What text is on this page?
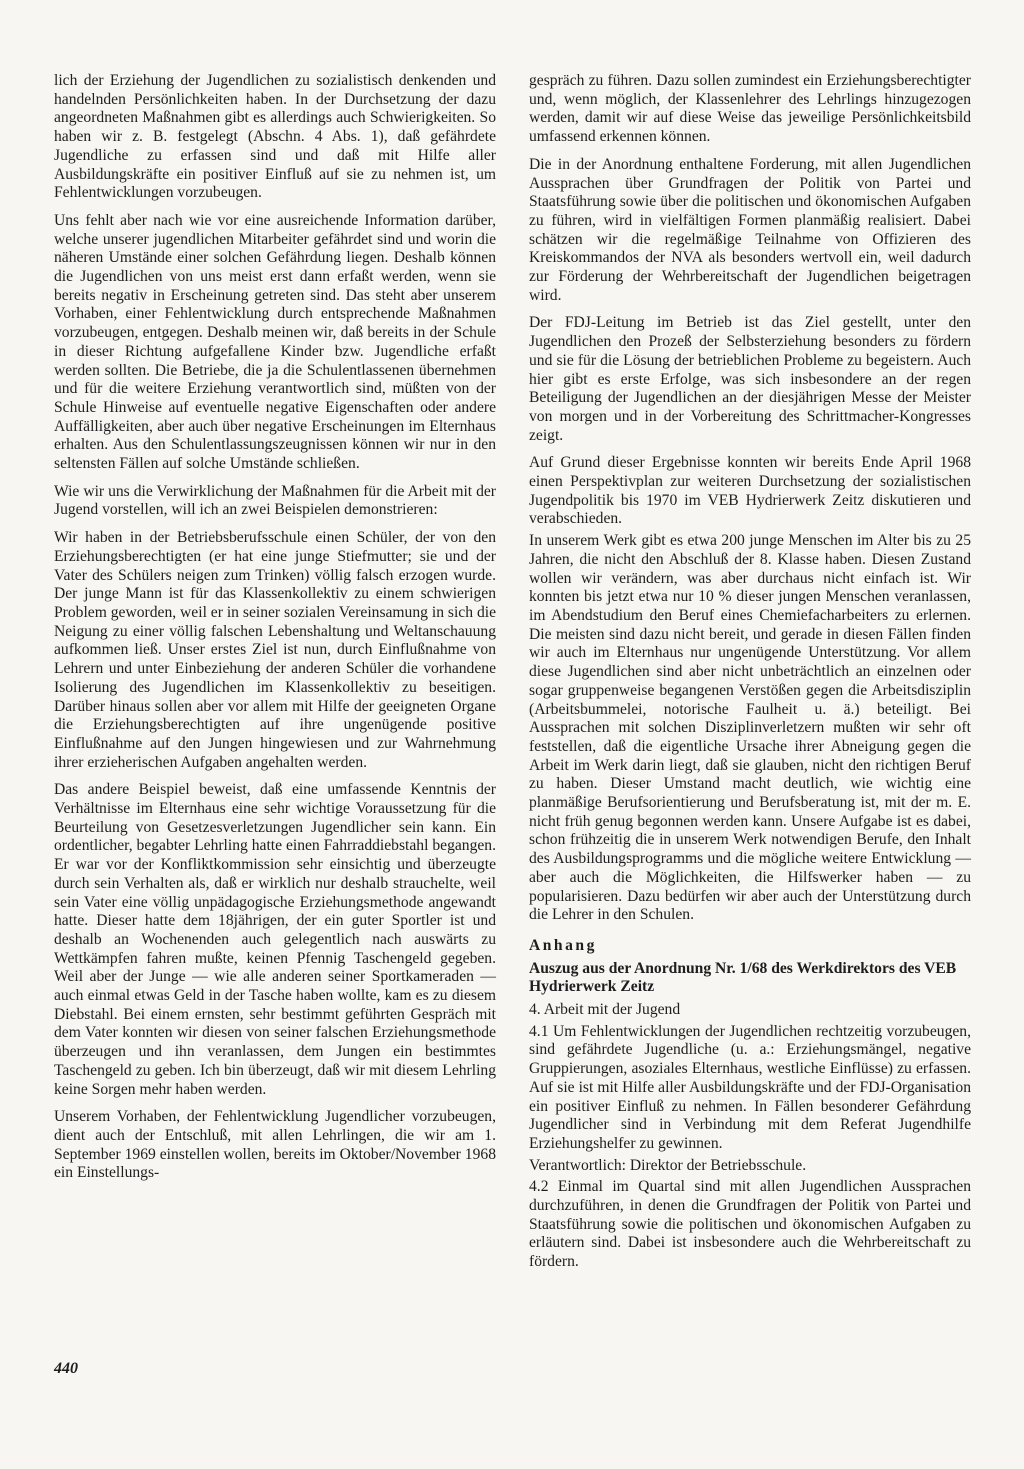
lich der Erziehung der Jugendlichen zu sozialistisch denkenden und handelnden Persönlichkeiten haben. In der Durchsetzung der dazu angeordneten Maßnahmen gibt es allerdings auch Schwierigkeiten. So haben wir z. B. festgelegt (Abschn. 4 Abs. 1), daß gefährdete Jugendliche zu erfassen sind und daß mit Hilfe aller Ausbildungskräfte ein positiver Einfluß auf sie zu nehmen ist, um Fehlentwicklungen vorzubeugen.

Uns fehlt aber nach wie vor eine ausreichende Information darüber, welche unserer jugendlichen Mitarbeiter gefährdet sind und worin die näheren Umstände einer solchen Gefährdung liegen. Deshalb können die Jugendlichen von uns meist erst dann erfaßt werden, wenn sie bereits negativ in Erscheinung getreten sind. Das steht aber unserem Vorhaben, einer Fehlentwicklung durch entsprechende Maßnahmen vorzubeugen, entgegen. Deshalb meinen wir, daß bereits in der Schule in dieser Richtung aufgefallene Kinder bzw. Jugendliche erfaßt werden sollten. Die Betriebe, die ja die Schulentlassenen übernehmen und für die weitere Erziehung verantwortlich sind, müßten von der Schule Hinweise auf eventuelle negative Eigenschaften oder andere Auffälligkeiten, aber auch über negative Erscheinungen im Elternhaus erhalten. Aus den Schulentlassungszeugnissen können wir nur in den seltensten Fällen auf solche Umstände schließen.

Wie wir uns die Verwirklichung der Maßnahmen für die Arbeit mit der Jugend vorstellen, will ich an zwei Beispielen demonstrieren:

Wir haben in der Betriebsberufsschule einen Schüler, der von den Erziehungsberechtigten (er hat eine junge Stiefmutter; sie und der Vater des Schülers neigen zum Trinken) völlig falsch erzogen wurde. Der junge Mann ist für das Klassenkollektiv zu einem schwierigen Problem geworden, weil er in seiner sozialen Vereinsamung in sich die Neigung zu einer völlig falschen Lebenshaltung und Weltanschauung aufkommen ließ. Unser erstes Ziel ist nun, durch Einflußnahme von Lehrern und unter Einbeziehung der anderen Schüler die vorhandene Isolierung des Jugendlichen im Klassenkollektiv zu beseitigen. Darüber hinaus sollen aber vor allem mit Hilfe der geeigneten Organe die Erziehungsberechtigten auf ihre ungenügende positive Einflußnahme auf den Jungen hingewiesen und zur Wahrnehmung ihrer erzieherischen Aufgaben angehalten werden.

Das andere Beispiel beweist, daß eine umfassende Kenntnis der Verhältnisse im Elternhaus eine sehr wichtige Voraussetzung für die Beurteilung von Gesetzesverletzungen Jugendlicher sein kann. Ein ordentlicher, begabter Lehrling hatte einen Fahrraddiebstahl begangen. Er war vor der Konfliktkommission sehr einsichtig und überzeugte durch sein Verhalten als, daß er wirklich nur deshalb strauchelte, weil sein Vater eine völlig unpädagogische Erziehungsmethode angewandt hatte. Dieser hatte dem 18jährigen, der ein guter Sportler ist und deshalb an Wochenenden auch gelegentlich nach auswärts zu Wettkämpfen fahren mußte, keinen Pfennig Taschengeld gegeben. Weil aber der Junge — wie alle anderen seiner Sportkameraden — auch einmal etwas Geld in der Tasche haben wollte, kam es zu diesem Diebstahl. Bei einem ernsten, sehr bestimmt geführten Gespräch mit dem Vater konnten wir diesen von seiner falschen Erziehungsmethode überzeugen und ihn veranlassen, dem Jungen ein bestimmtes Taschengeld zu geben. Ich bin überzeugt, daß wir mit diesem Lehrling keine Sorgen mehr haben werden.

Unserem Vorhaben, der Fehlentwicklung Jugendlicher vorzubeugen, dient auch der Entschluß, mit allen Lehrlingen, die wir am 1. September 1969 einstellen wollen, bereits im Oktober/November 1968 ein Einstellungs-

gespräch zu führen. Dazu sollen zumindest ein Erziehungsberechtigter und, wenn möglich, der Klassenlehrer des Lehrlings hinzugezogen werden, damit wir auf diese Weise das jeweilige Persönlichkeitsbild umfassend erkennen können.

Die in der Anordnung enthaltene Forderung, mit allen Jugendlichen Aussprachen über Grundfragen der Politik von Partei und Staatsführung sowie über die politischen und ökonomischen Aufgaben zu führen, wird in vielfältigen Formen planmäßig realisiert. Dabei schätzen wir die regelmäßige Teilnahme von Offizieren des Kreiskommandos der NVA als besonders wertvoll ein, weil dadurch zur Förderung der Wehrbereitschaft der Jugendlichen beigetragen wird.

Der FDJ-Leitung im Betrieb ist das Ziel gestellt, unter den Jugendlichen den Prozeß der Selbsterziehung besonders zu fördern und sie für die Lösung der betrieblichen Probleme zu begeistern. Auch hier gibt es erste Erfolge, was sich insbesondere an der regen Beteiligung der Jugendlichen an der diesjährigen Messe der Meister von morgen und in der Vorbereitung des Schrittmacher-Kongresses zeigt.

Auf Grund dieser Ergebnisse konnten wir bereits Ende April 1968 einen Perspektivplan zur weiteren Durchsetzung der sozialistischen Jugendpolitik bis 1970 im VEB Hydrierwerk Zeitz diskutieren und verabschieden.

In unserem Werk gibt es etwa 200 junge Menschen im Alter bis zu 25 Jahren, die nicht den Abschluß der 8. Klasse haben. Diesen Zustand wollen wir verändern, was aber durchaus nicht einfach ist. Wir konnten bis jetzt etwa nur 10 % dieser jungen Menschen veranlassen, im Abendstudium den Beruf eines Chemiefacharbeiters zu erlernen. Die meisten sind dazu nicht bereit, und gerade in diesen Fällen finden wir auch im Elternhaus nur ungenügende Unterstützung. Vor allem diese Jugendlichen sind aber nicht unbeträchtlich an einzelnen oder sogar gruppenweise begangenen Verstößen gegen die Arbeitsdisziplin (Arbeitsbummelei, notorische Faulheit u. ä.) beteiligt. Bei Aussprachen mit solchen Disziplinverletzern mußten wir sehr oft feststellen, daß die eigentliche Ursache ihrer Abneigung gegen die Arbeit im Werk darin liegt, daß sie glauben, nicht den richtigen Beruf zu haben. Dieser Umstand macht deutlich, wie wichtig eine planmäßige Berufsorientierung und Berufsberatung ist, mit der m. E. nicht früh genug begonnen werden kann. Unsere Aufgabe ist es dabei, schon frühzeitig die in unserem Werk notwendigen Berufe, den Inhalt des Ausbildungsprogramms und die mögliche weitere Entwicklung — aber auch die Möglichkeiten, die Hilfswerker haben — zu popularisieren. Dazu bedürfen wir aber auch der Unterstützung durch die Lehrer in den Schulen.

Anhang
Auszug aus der Anordnung Nr. 1/68 des Werkdirektors des VEB Hydrierwerk Zeitz

4. Arbeit mit der Jugend

4.1 Um Fehlentwicklungen der Jugendlichen rechtzeitig vorzubeugen, sind gefährdete Jugendliche (u. a.: Erziehungsmängel, negative Gruppierungen, asoziales Elternhaus, westliche Einflüsse) zu erfassen. Auf sie ist mit Hilfe aller Ausbildungskräfte und der FDJ-Organisation ein positiver Einfluß zu nehmen. In Fällen besonderer Gefährdung Jugendlicher sind in Verbindung mit dem Referat Jugendhilfe Erziehungshelfer zu gewinnen.

Verantwortlich: Direktor der Betriebsschule.

4.2 Einmal im Quartal sind mit allen Jugendlichen Aussprachen durchzuführen, in denen die Grundfragen der Politik von Partei und Staatsführung sowie die politischen und ökonomischen Aufgaben zu erläutern sind. Dabei ist insbesondere auch die Wehrbereitschaft zu fördern.

440
